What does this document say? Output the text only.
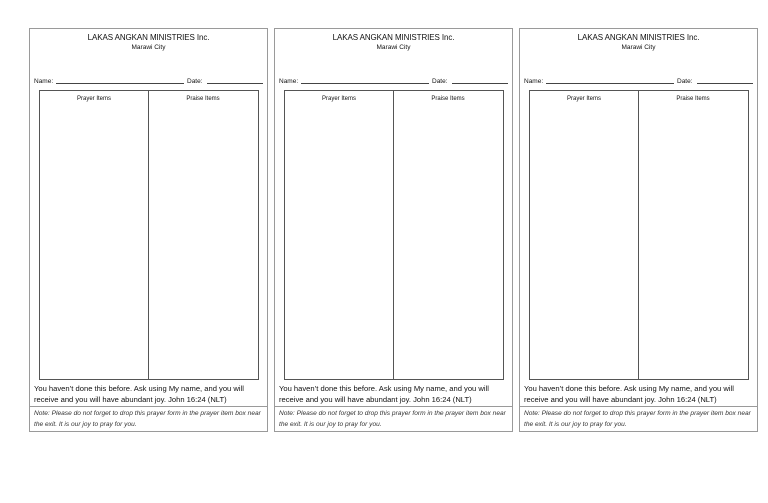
LAKAS ANGKAN MINISTRIES Inc.
Marawi City
Name:	Date:
Prayer Items	Praise Items
You haven’t done this before. Ask using My name, and you will receive and you will have abundant joy. John 16:24 (NLT)
Note: Please do not forget to drop this prayer form in the prayer item box near the exit. It is our joy to pray for you.
LAKAS ANGKAN MINISTRIES Inc.
Marawi City
Name:	Date:
Prayer Items	Praise Items
You haven’t done this before. Ask using My name, and you will receive and you will have abundant joy. John 16:24 (NLT)
Note: Please do not forget to drop this prayer form in the prayer item box near the exit. It is our joy to pray for you.
LAKAS ANGKAN MINISTRIES Inc.
Marawi City
Name:	Date:
Prayer Items	Praise Items
You haven’t done this before. Ask using My name, and you will receive and you will have abundant joy. John 16:24 (NLT)
Note: Please do not forget to drop this prayer form in the prayer item box near the exit. It is our joy to pray for you.
